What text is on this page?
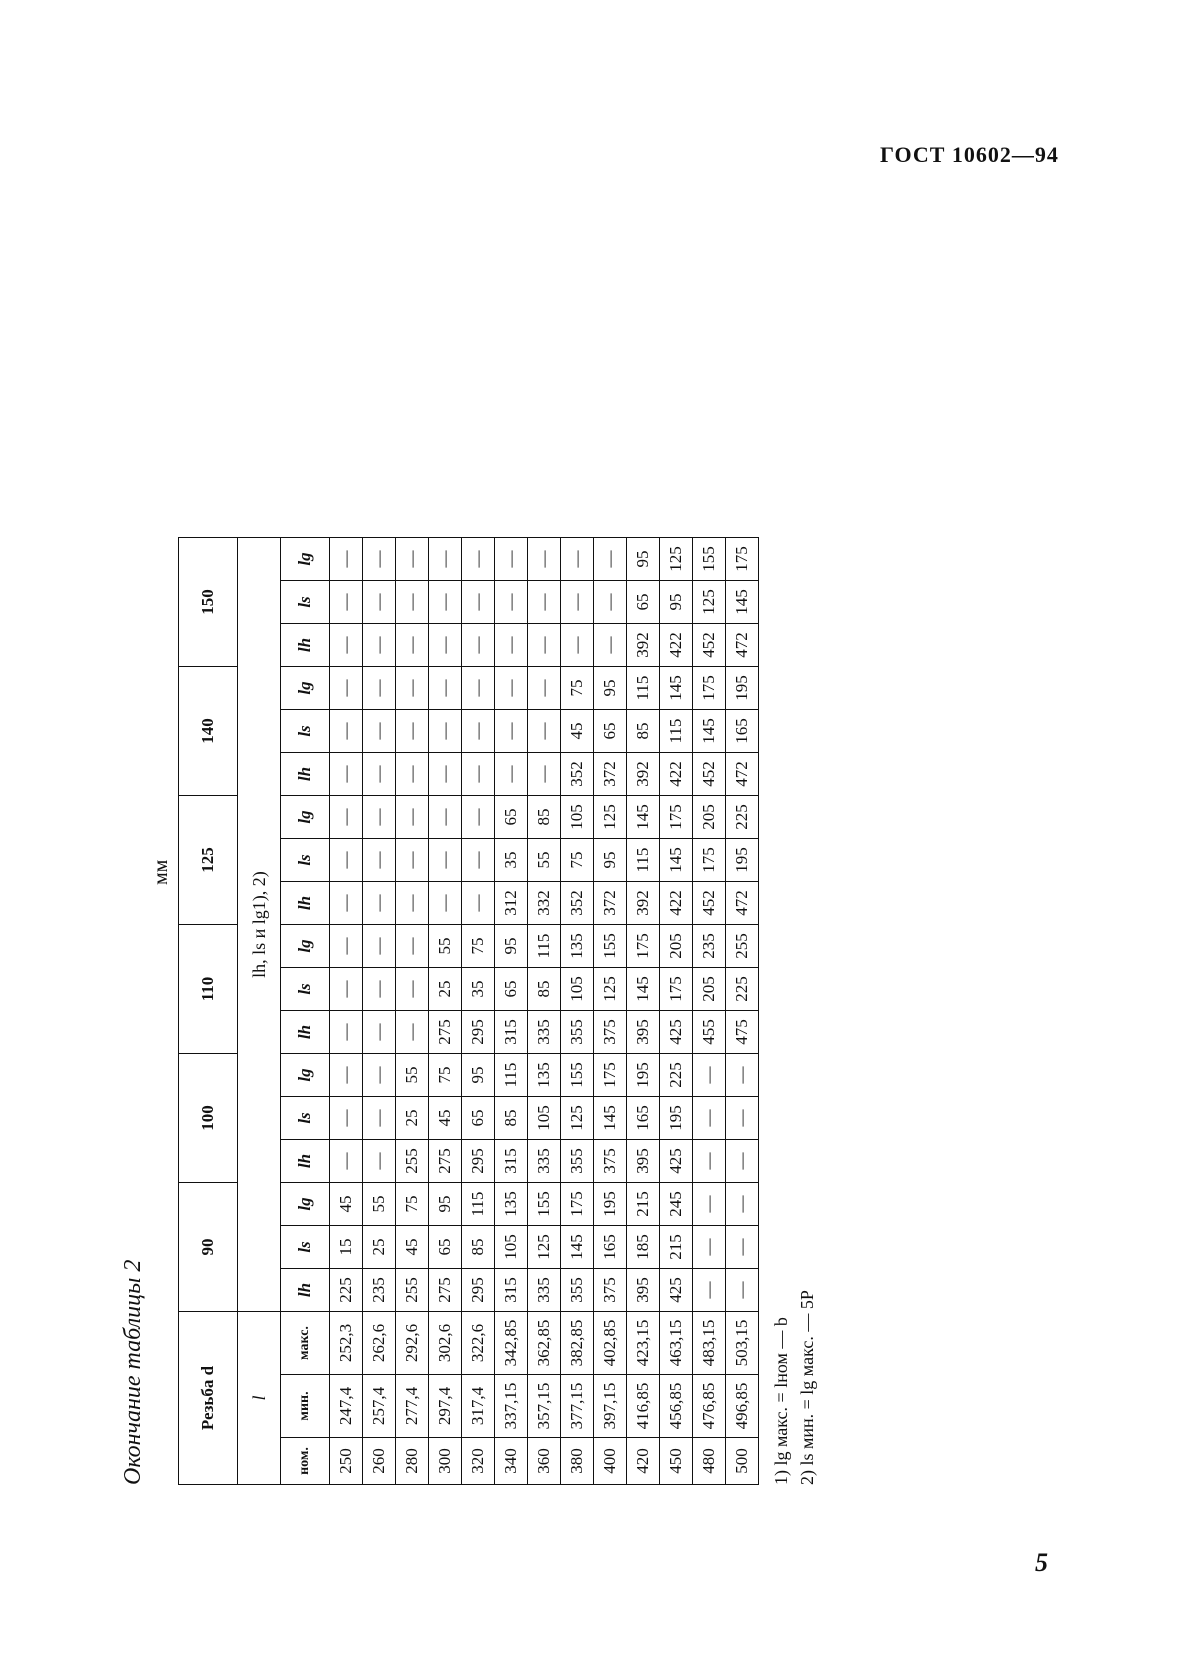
ГОСТ 10602—94
Окончание таблицы 2
мм
Резьба d			90			100			110			125			140			150		
l			lh, ls и lg1), 2)																	
ном.	мин.	макс.	lh	ls	lg	lh	ls	lg	lh	ls	lg	lh	ls	lg	lh	ls	lg	lh	ls	lg
250	247,4	252,3	225	15	45	—	—	—	—	—	—	—	—	—	—	—	—	—	—	—
260	257,4	262,6	235	25	55	—	—	—	—	—	—	—	—	—	—	—	—	—	—	—
280	277,4	292,6	255	45	75	255	25	55	—	—	—	—	—	—	—	—	—	—	—	—
300	297,4	302,6	275	65	95	275	45	75	275	25	55	—	—	—	—	—	—	—	—	—
320	317,4	322,6	295	85	115	295	65	95	295	35	75	—	—	—	—	—	—	—	—	—
340	337,15	342,85	315	105	135	315	85	115	315	65	95	312	35	65	—	—	—	—	—	—
360	357,15	362,85	335	125	155	335	105	135	335	85	115	332	55	85	—	—	—	—	—	—
380	377,15	382,85	355	145	175	355	125	155	355	105	135	352	75	105	352	45	75	—	—	—
400	397,15	402,85	375	165	195	375	145	175	375	125	155	372	95	125	372	65	95	—	—	—
420	416,85	423,15	395	185	215	395	165	195	395	145	175	392	115	145	392	85	115	392	65	95
450	456,85	463,15	425	215	245	425	195	225	425	175	205	422	145	175	422	115	145	422	95	125
480	476,85	483,15	—	—	—	—	—	—	455	205	235	452	175	205	452	145	175	452	125	155
500	496,85	503,15	—	—	—	—	—	—	475	225	255	472	195	225	472	165	195	472	145	175
1) lg макс. = lном — b 2) ls мин. = lg макс. — 5P
5
